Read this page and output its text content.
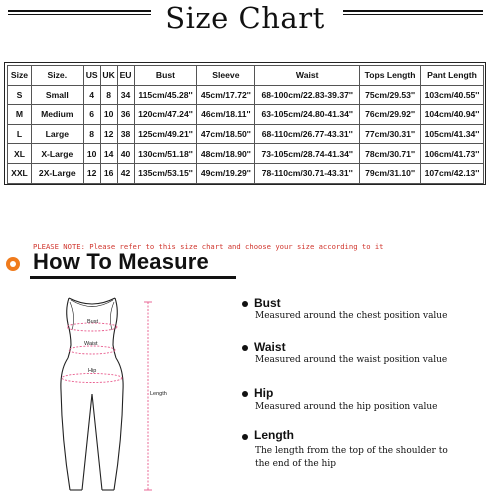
Size Chart
Size	Size.	US	UK	EU	Bust	Sleeve	Waist	Tops Length	Pant Length
S	Small	4	8	34	115cm/45.28''	45cm/17.72''	68-100cm/22.83-39.37''	75cm/29.53''	103cm/40.55''
M	Medium	6	10	36	120cm/47.24''	46cm/18.11''	63-105cm/24.80-41.34''	76cm/29.92''	104cm/40.94''
L	Large	8	12	38	125cm/49.21''	47cm/18.50''	68-110cm/26.77-43.31''	77cm/30.31''	105cm/41.34''
XL	X-Large	10	14	40	130cm/51.18''	48cm/18.90''	73-105cm/28.74-41.34''	78cm/30.71''	106cm/41.73''
XXL	2X-Large	12	16	42	135cm/53.15''	49cm/19.29''	78-110cm/30.71-43.31''	79cm/31.10''	107cm/42.13''
PLEASE NOTE: Please refer to this size chart and choose your size according to it
How To Measure
Bust
Waist
Hip
Length
Bust
Measured around the chest position value
Waist
Measured around the waist position value
Hip
Measured around the hip position value
Length
The length from the top of the shoulder to
the end of the hip
